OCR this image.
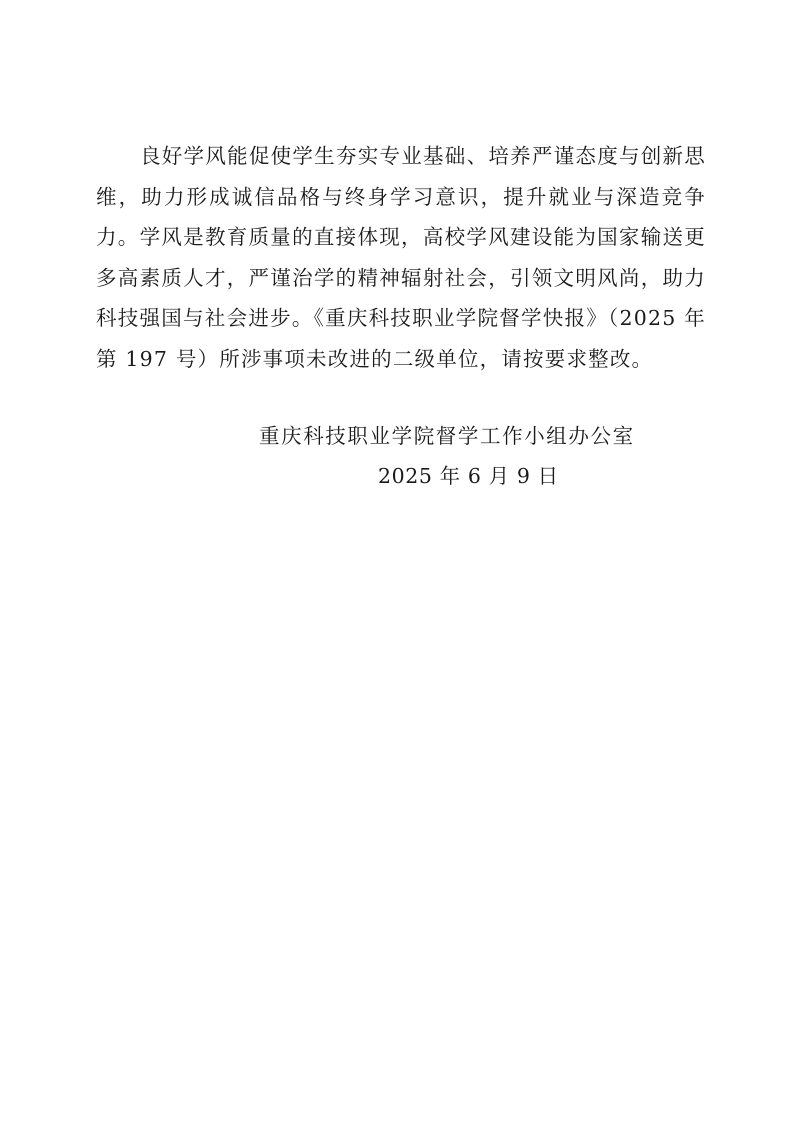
良好学风能促使学生夯实专业基础、培养严谨态度与创新思维，助力形成诚信品格与终身学习意识，提升就业与深造竞争力。学风是教育质量的直接体现，高校学风建设能为国家输送更多高素质人才，严谨治学的精神辐射社会，引领文明风尚，助力科技强国与社会进步。《重庆科技职业学院督学快报》（2025 年第 197 号）所涉事项未改进的二级单位，请按要求整改。

重庆科技职业学院督学工作小组办公室
2025 年 6 月 9 日
